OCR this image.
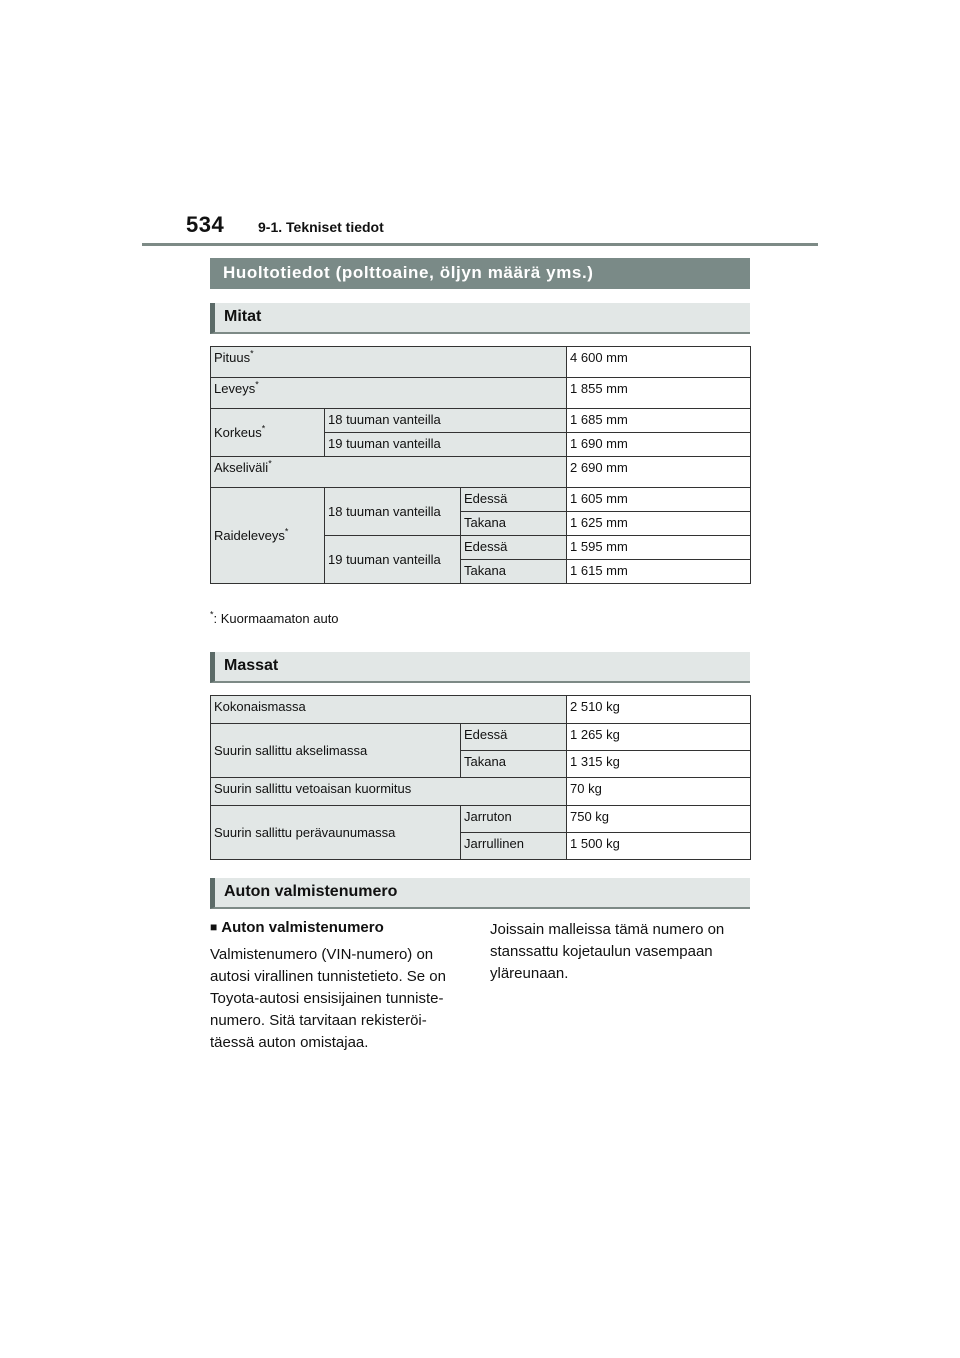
534 9-1. Tekniset tiedot
Huoltotiedot (polttoaine, öljyn määrä yms.)
Mitat
Pituus*			4 600 mm
Leveys*			1 855 mm
Korkeus*	18 tuuman vanteilla		1 685 mm
	19 tuuman vanteilla		1 690 mm
Akseliväli*			2 690 mm
Raideleveys*	18 tuuman vanteilla	Edessä	1 605 mm
		Takana	1 625 mm
	19 tuuman vanteilla	Edessä	1 595 mm
		Takana	1 615 mm
*: Kuormaamaton auto
Massat
Kokonaismassa		2 510 kg
Suurin sallittu akselimassa	Edessä	1 265 kg
	Takana	1 315 kg
Suurin sallittu vetoaisan kuormitus		70 kg
Suurin sallittu perävaunumassa	Jarruton	750 kg
	Jarrullinen	1 500 kg
Auton valmistenumero
■ Auton valmistenumero
Valmistenumero (VIN-numero) on
autosi virallinen tunnistetieto. Se on
Toyota-autosi ensisijainen tunniste-
numero. Sitä tarvitaan rekisteröi-
täessä auton omistajaa.
Joissain malleissa tämä numero on
stanssattu kojetaulun vasempaan
yläreunaan.
